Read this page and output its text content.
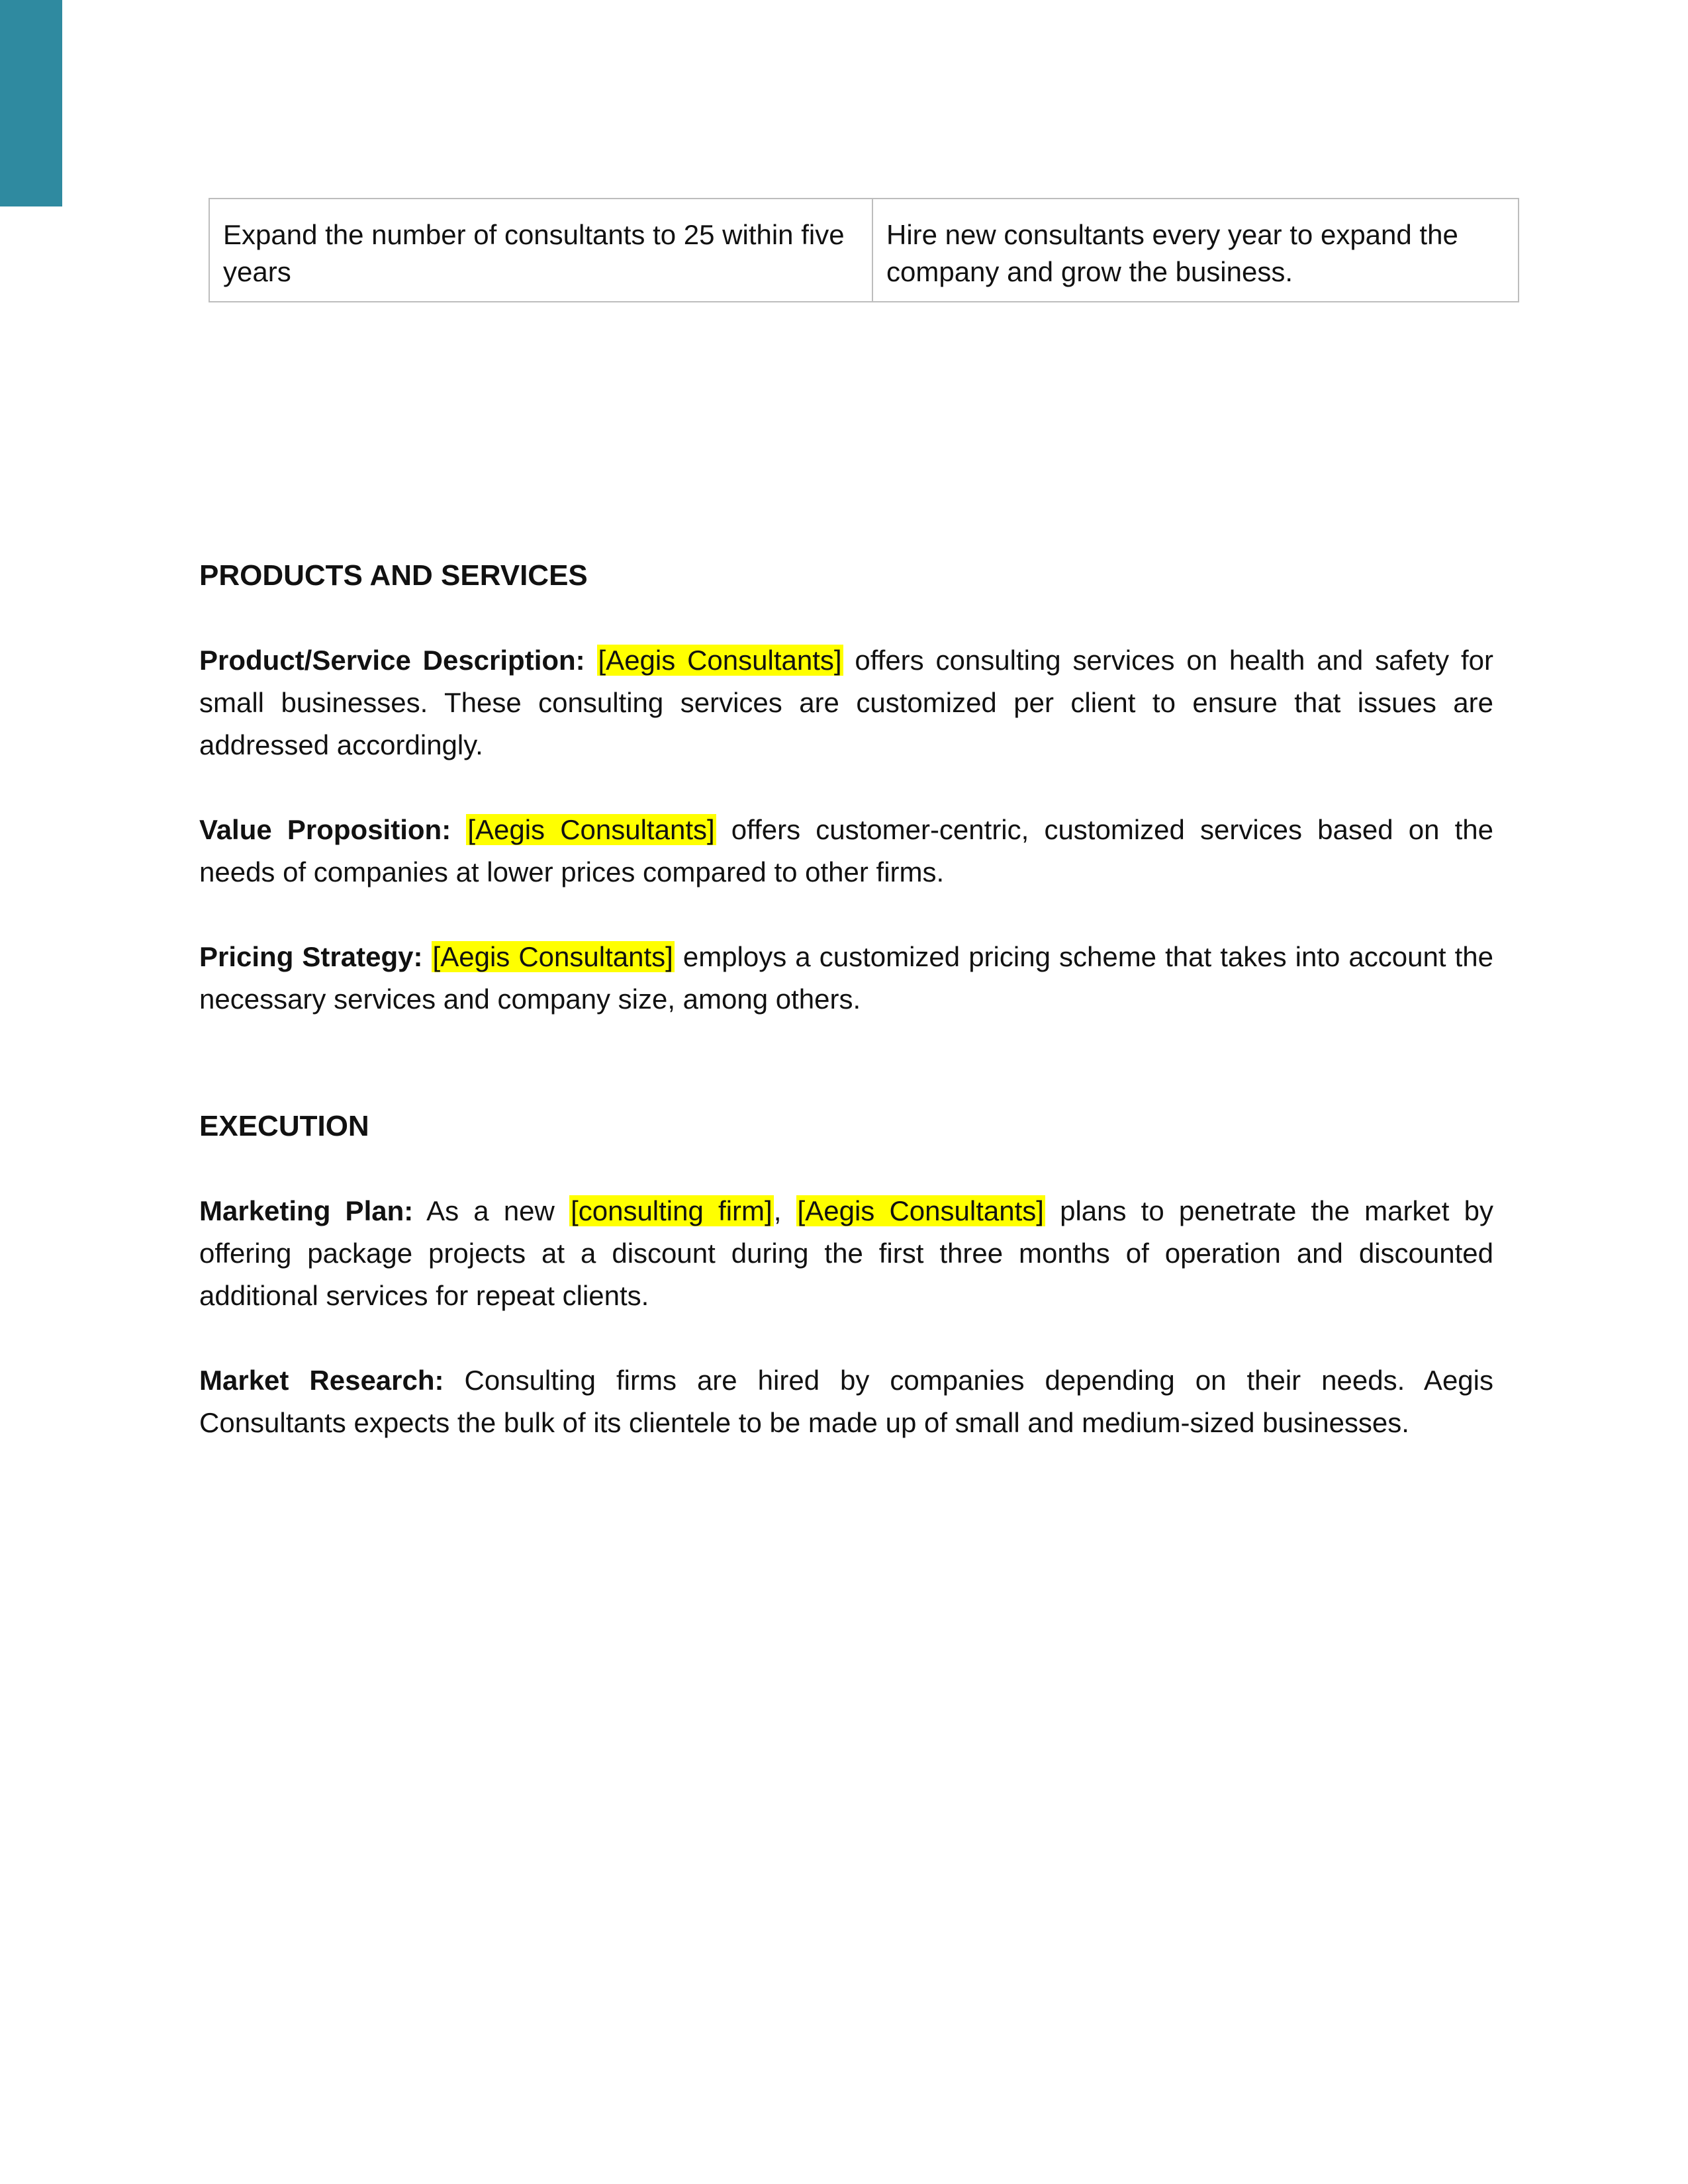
Expand the number of consultants to 25 within five years	Hire new consultants every year to expand the company and grow the business.
PRODUCTS AND SERVICES

Product/Service Description: [Aegis Consultants] offers consulting services on health and safety for small businesses. These consulting services are customized per client to ensure that issues are addressed accordingly.

Value Proposition: [Aegis Consultants] offers customer-centric, customized services based on the needs of companies at lower prices compared to other firms.

Pricing Strategy: [Aegis Consultants] employs a customized pricing scheme that takes into account the necessary services and company size, among others.

EXECUTION

Marketing Plan: As a new [consulting firm], [Aegis Consultants] plans to penetrate the market by offering package projects at a discount during the first three months of operation and discounted additional services for repeat clients.

Market Research: Consulting firms are hired by companies depending on their needs. Aegis Consultants expects the bulk of its clientele to be made up of small and medium-sized businesses.
